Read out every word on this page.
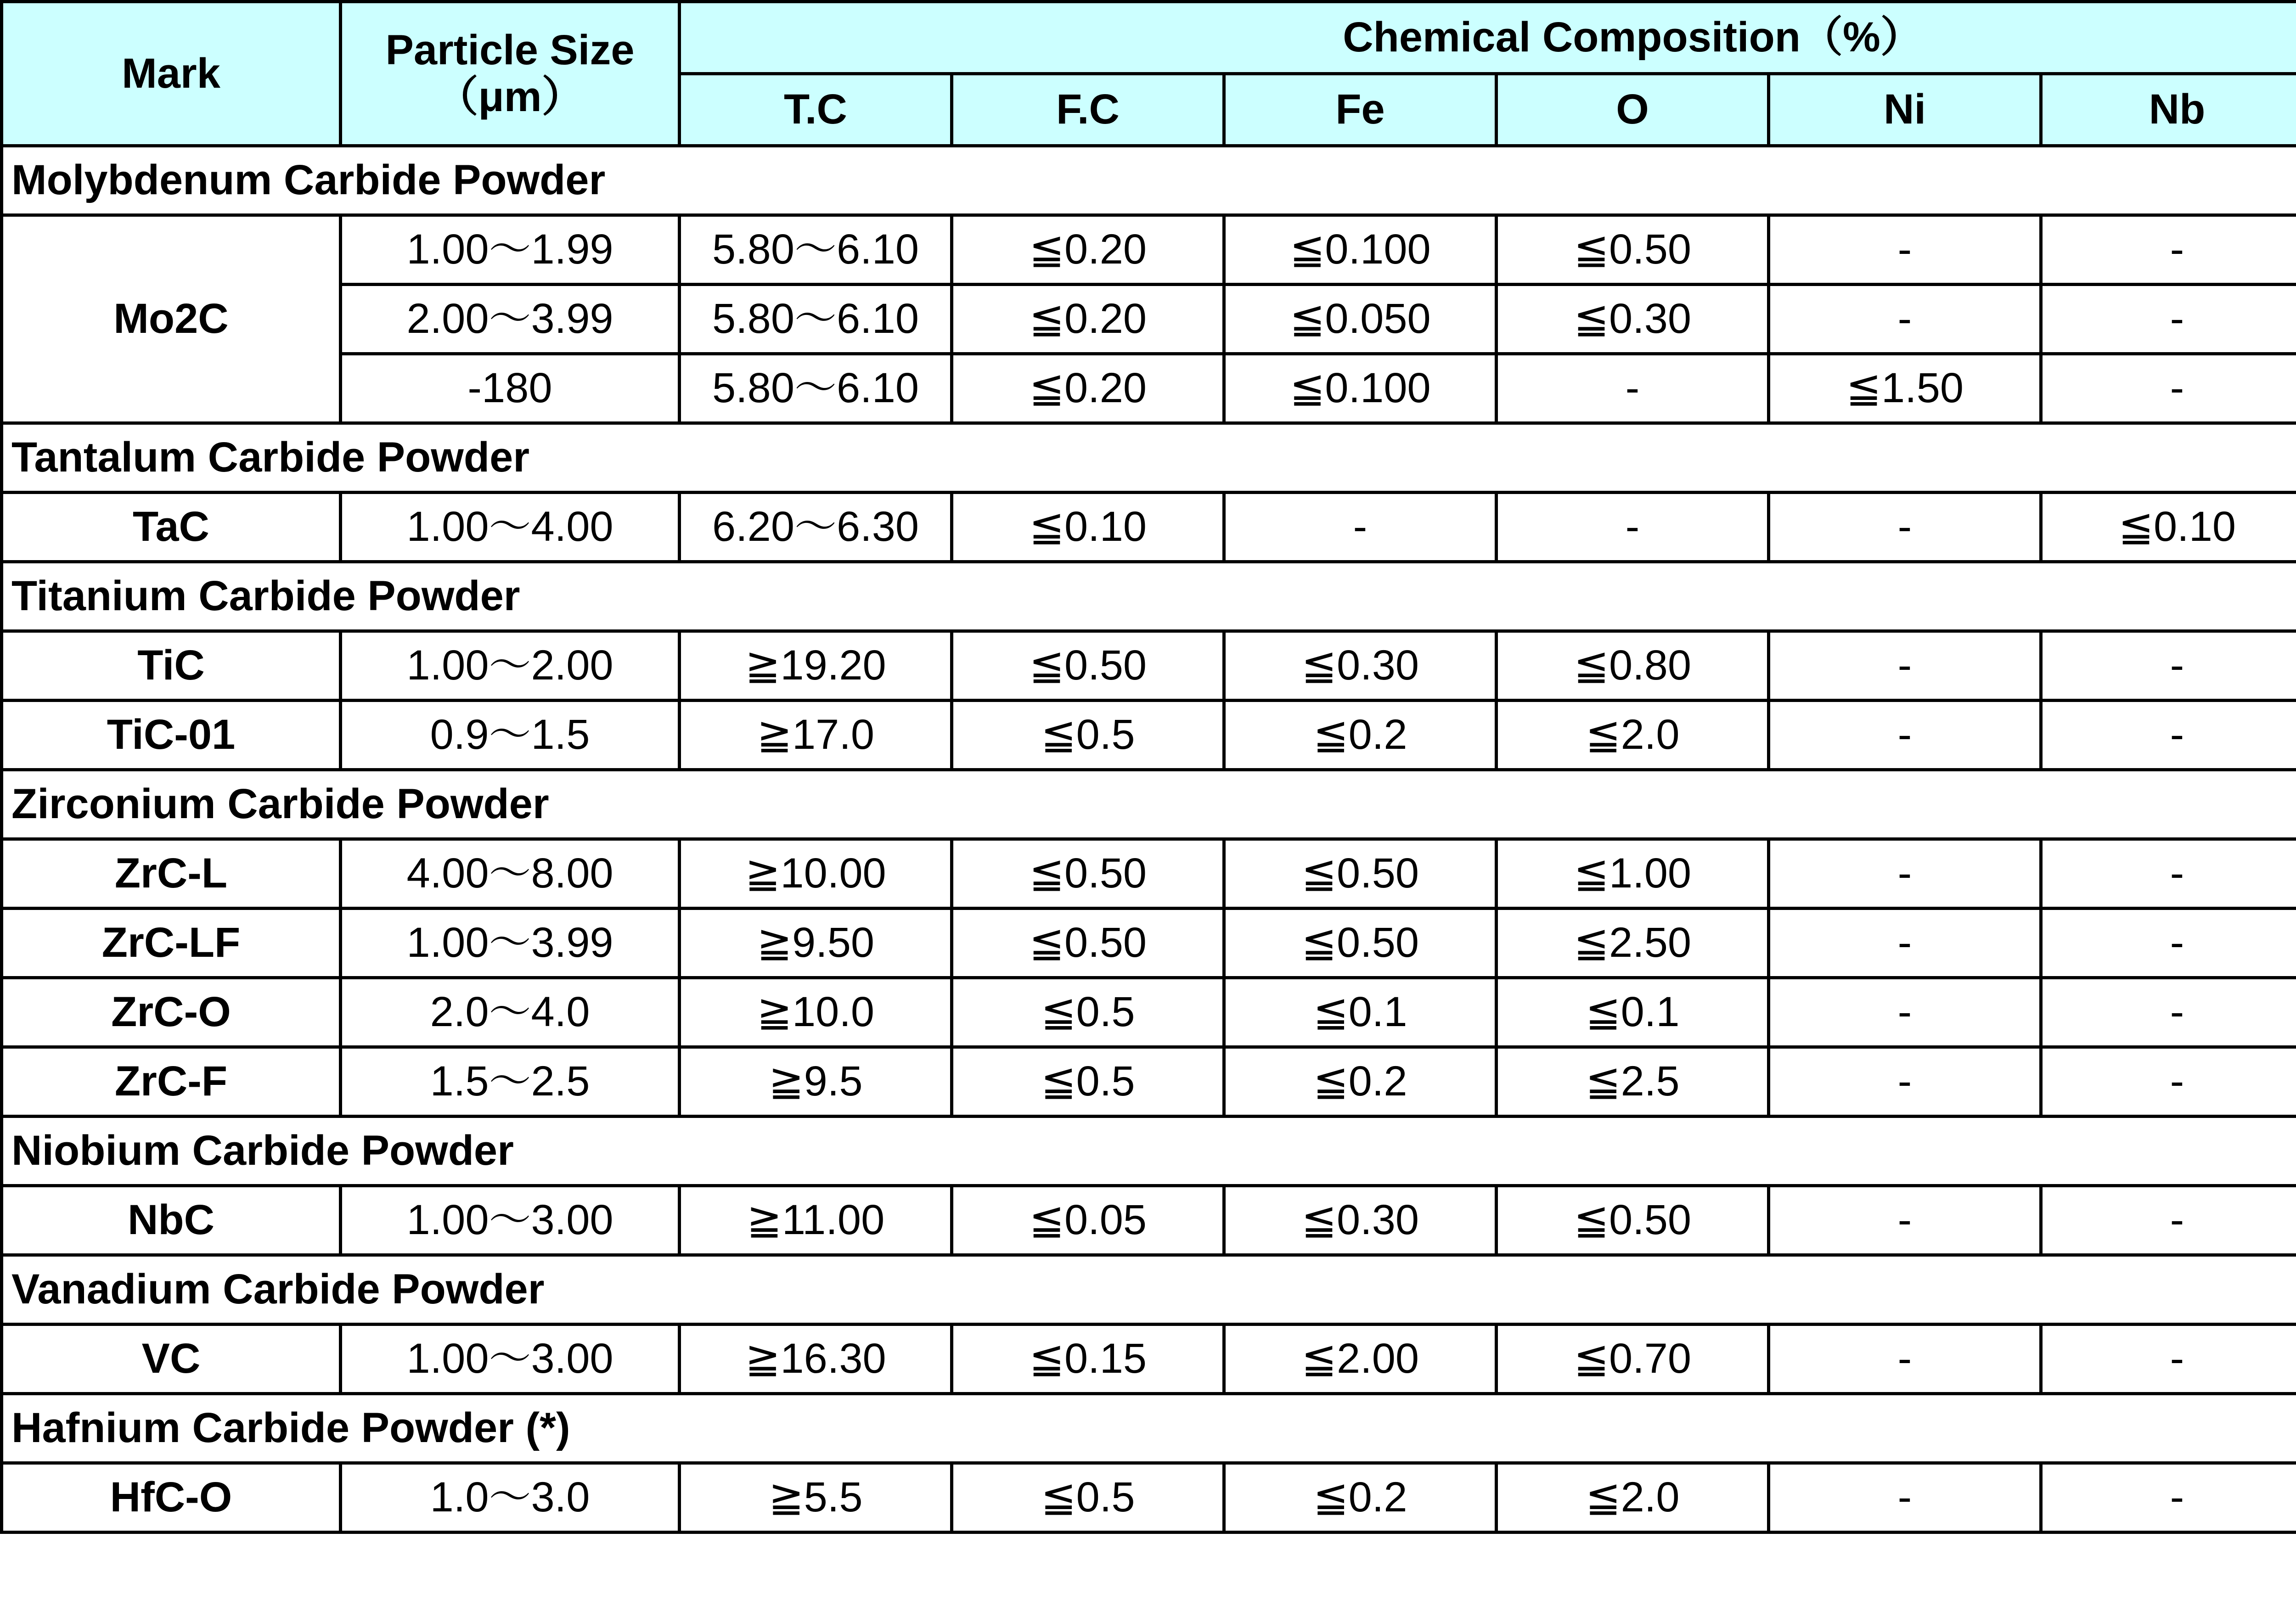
Mark	Particle Size
（μm）	Chemical Composition（%）						
		T.C	F.C	Fe	O	Ni	Nb	
Molybdenum Carbide Powder								
Mo2C	1.00～1.99	5.80～6.10	≦0.20	≦0.100	≦0.50	-	-	
	2.00～3.99	5.80～6.10	≦0.20	≦0.050	≦0.30	-	-	
	-180	5.80～6.10	≦0.20	≦0.100	-	≦1.50	-	
Tantalum Carbide Powder								
TaC	1.00～4.00	6.20～6.30	≦0.10	-	-	-	≦0.10	
Titanium Carbide Powder								
TiC	1.00～2.00	≧19.20	≦0.50	≦0.30	≦0.80	-	-	
TiC-01	0.9～1.5	≧17.0	≦0.5	≦0.2	≦2.0	-	-	
Zirconium Carbide Powder								
ZrC-L	4.00～8.00	≧10.00	≦0.50	≦0.50	≦1.00	-	-	
ZrC-LF	1.00～3.99	≧9.50	≦0.50	≦0.50	≦2.50	-	-	
ZrC-O	2.0～4.0	≧10.0	≦0.5	≦0.1	≦0.1	-	-	
ZrC-F	1.5～2.5	≧9.5	≦0.5	≦0.2	≦2.5	-	-	
Niobium Carbide Powder								
NbC	1.00～3.00	≧11.00	≦0.05	≦0.30	≦0.50	-	-	
Vanadium Carbide Powder								
VC	1.00～3.00	≧16.30	≦0.15	≦2.00	≦0.70	-	-	
Hafnium Carbide Powder (*)								
HfC-O	1.0～3.0	≧5.5	≦0.5	≦0.2	≦2.0	-	-	
